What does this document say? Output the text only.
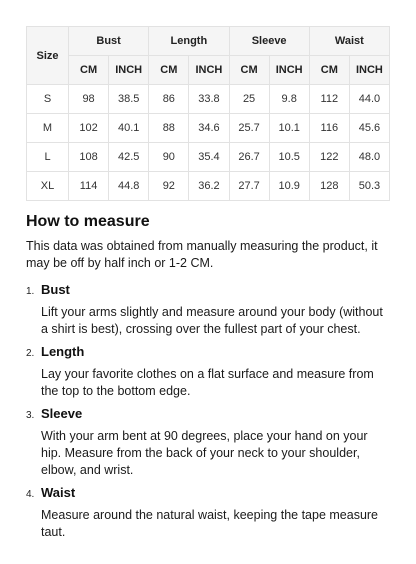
Size	Bust		Length		Sleeve		Waist	
	CM	INCH	CM	INCH	CM	INCH	CM	INCH
S	98	38.5	86	33.8	25	9.8	112	44.0
M	102	40.1	88	34.6	25.7	10.1	116	45.6
L	108	42.5	90	35.4	26.7	10.5	122	48.0
XL	114	44.8	92	36.2	27.7	10.9	128	50.3
How to measure

This data was obtained from manually measuring the product, it may be off by half inch or 1-2 CM.

1. Bust

Lift your arms slightly and measure around your body (without a shirt is best), crossing over the fullest part of your chest.

2. Length

Lay your favorite clothes on a flat surface and measure from the top to the bottom edge.

3. Sleeve

With your arm bent at 90 degrees, place your hand on your hip. Measure from the back of your neck to your shoulder, elbow, and wrist.

4. Waist

Measure around the natural waist, keeping the tape measure taut.
